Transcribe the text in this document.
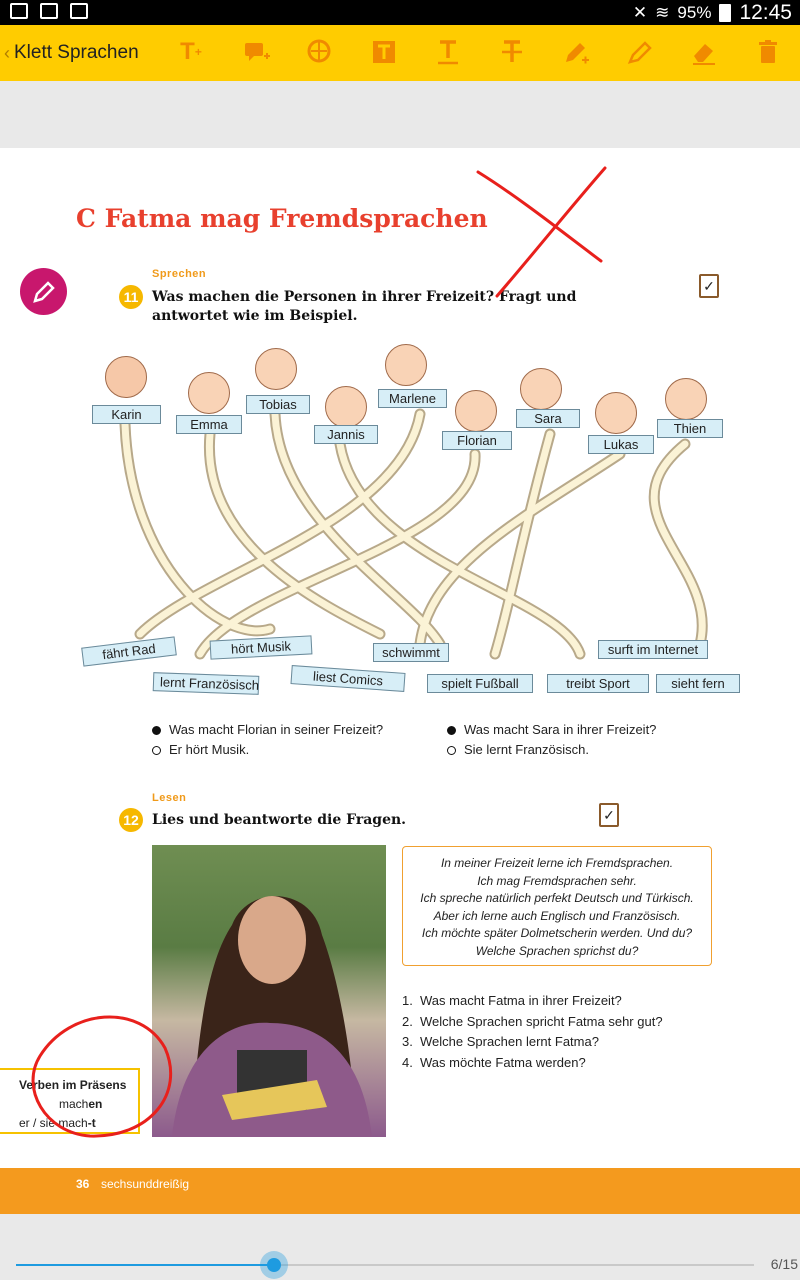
✕ ≋ 95% 12:45
‹ Klett Sprachen T +
C Fatma mag Fremdsprachen
Sprechen
11 Was machen die Personen in ihrer Freizeit? Fragt und antwortet wie im Beispiel.
✓
Karin
Emma
Tobias
Jannis
Marlene
Florian
Sara
Lukas
Thien
fährt Rad	hört Musik	schwimmt	surft im Internet
lernt Französisch	liest Comics	spielt Fußball	treibt Sport	sieht fern
Was macht Florian in seiner Freizeit?
Er hört Musik.
Was macht Sara in ihrer Freizeit?
Sie lernt Französisch.
Lesen
12 Lies und beantworte die Fragen.	✓
In meiner Freizeit lerne ich Fremdsprachen.
Ich mag Fremdsprachen sehr.
Ich spreche natürlich perfekt Deutsch und Türkisch.
Aber ich lerne auch Englisch und Französisch.
Ich möchte später Dolmetscherin werden. Und du?
Welche Sprachen sprichst du?
1. Was macht Fatma in ihrer Freizeit?
2. Welche Sprachen spricht Fatma sehr gut?
3. Welche Sprachen lernt Fatma?
4. Was möchte Fatma werden?
Verben im Präsens
machen
er / sie mach-t
36 sechsunddreißig
6/15
